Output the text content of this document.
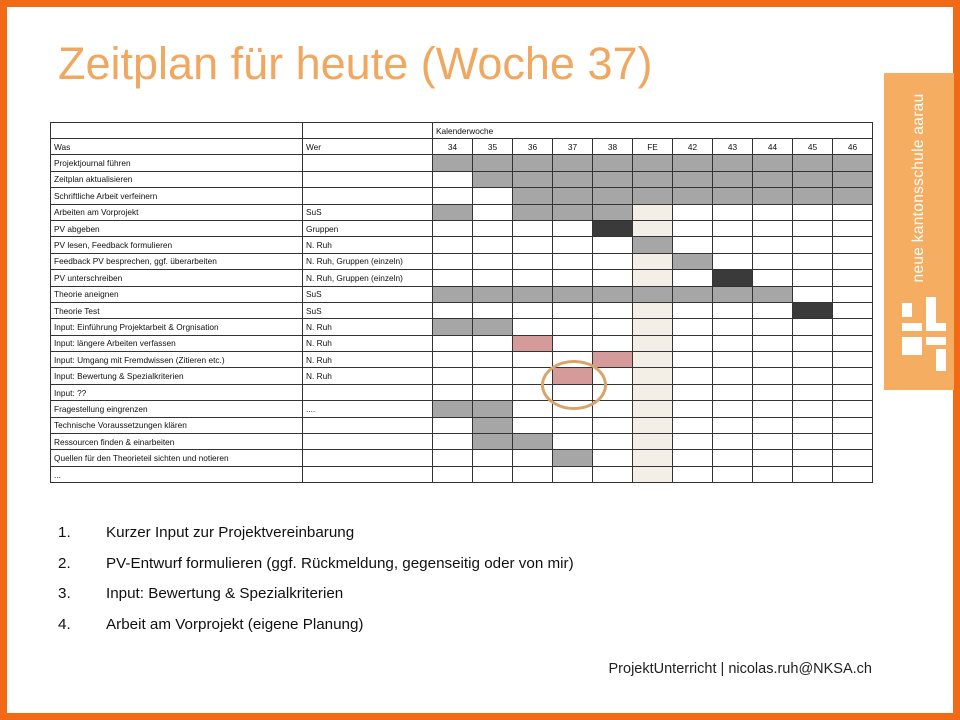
Zeitplan für heute (Woche 37)
neue kantonsschule aarau
		Kalenderwoche										
Was	Wer	34	35	36	37	38	FE	42	43	44	45	46
Projektjournal führen												
Zeitplan aktualisieren												
Schriftliche Arbeit verfeinern												
Arbeiten am Vorprojekt	SuS											
PV abgeben	Gruppen											
PV lesen, Feedback formulieren	N. Ruh											
Feedback PV besprechen, ggf. überarbeiten	N. Ruh, Gruppen (einzeln)											
PV unterschreiben	N. Ruh, Gruppen (einzeln)											
Theorie aneignen	SuS											
Theorie Test	SuS											
Input: Einführung Projektarbeit & Orgnisation	N. Ruh											
Input: längere Arbeiten verfassen	N. Ruh											
Input: Umgang mit Fremdwissen (Zitieren etc.)	N. Ruh											
Input: Bewertung & Spezialkriterien	N. Ruh											
Input: ??												
Fragestellung eingrenzen	....											
Technische Voraussetzungen klären												
Ressourcen finden & einarbeiten												
Quellen für den Theorieteil sichten und notieren												
...												
1. Kurzer Input zur Projektvereinbarung
2. PV-Entwurf formulieren (ggf. Rückmeldung, gegenseitig oder von mir)
3. Input: Bewertung & Spezialkriterien
4. Arbeit am Vorprojekt (eigene Planung)
ProjektUnterricht | nicolas.ruh@NKSA.ch
